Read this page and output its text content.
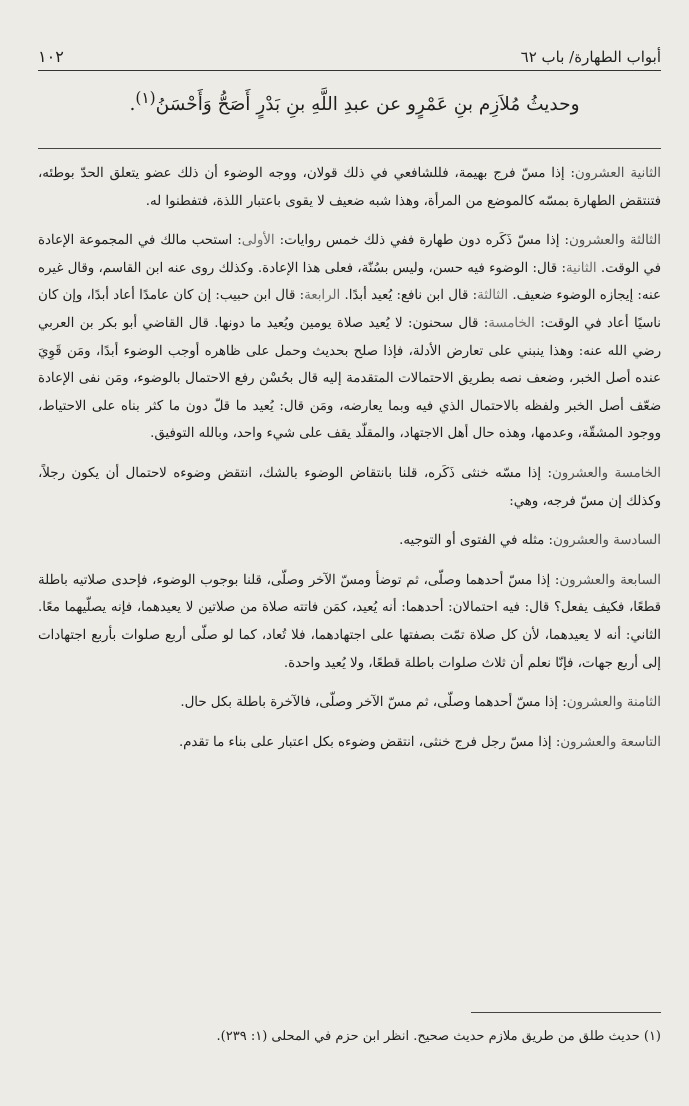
أبواب الطهارة/ باب ٦٢
١٠٢
وحديثُ مُلاَزِم بنِ عَمْرٍو عن عبدِ اللَّهِ بنِ بَدْرٍ أَصَحُّ وَأَحْسَنُ$^{(١)}$.

الثانية العشرون: إذا مسّ فرج بهيمة، فللشافعي في ذلك قولان، ووجه الوضوء أن ذلك عضو يتعلق الحدّ بوطئه، فتنتقض الطهارة بمسّه كالموضع من المرأة، وهذا شبه ضعيف لا يقوى باعتبار اللذة، فتفطنوا له.

الثالثة والعشرون: إذا مسّ ذَكَره دون طهارة ففي ذلك خمس روايات: الأولى: استحب مالك في المجموعة الإعادة في الوقت. الثانية: قال: الوضوء فيه حسن، وليس بسُنّة، فعلى هذا الإعادة. وكذلك روى عنه ابن القاسم، وقال غيره عنه: إيجازه الوضوء ضعيف. الثالثة: قال ابن نافع: يُعيد أبدًا. الرابعة: قال ابن حبيب: إن كان عامدًا أعاد أبدًا، وإن كان ناسيًا أعاد في الوقت: الخامسة: قال سحنون: لا يُعيد صلاة يومين ويُعيد ما دونها. قال القاضي أبو بكر بن العربي رضي الله عنه: وهذا ينبني على تعارض الأدلة، فإذا صلح بحديث وحمل على ظاهره أوجب الوضوء أبدًا، ومَن قَوِيَ عنده أصل الخبر، وضعف نصه بطريق الاحتمالات المتقدمة إليه قال بحُسْن رفع الاحتمال بالوضوء، ومَن نفى الإعادة ضعّف أصل الخبر ولفظه بالاحتمال الذي فيه وبما يعارضه، ومَن قال: يُعيد ما قلّ دون ما كثر بناه على الاحتياط، ووجود المشقّة، وعدمها، وهذه حال أهل الاجتهاد، والمقلّد يقف على شيء واحد، وبالله التوفيق.

الخامسة والعشرون: إذا مسّه خنثى ذَكَره، قلنا بانتقاض الوضوء بالشك، انتقض وضوءه لاحتمال أن يكون رجلاً، وكذلك إن مسّ فرجه، وهي:

السادسة والعشرون: مثله في الفتوى أو التوجيه.

السابعة والعشرون: إذا مسّ أحدهما وصلّى، ثم توضأ ومسّ الآخر وصلّى، قلنا بوجوب الوضوء، فإحدى صلاتيه باطلة قطعًا، فكيف يفعل؟ قال: فيه احتمالان: أحدهما: أنه يُعيد، كمَن فاتته صلاة من صلاتين لا يعيدهما، فإنه يصلّيهما معًا. الثاني: أنه لا يعيدهما، لأن كل صلاة تمّت بصفتها على اجتهادهما، فلا تُعاد، كما لو صلّى أربع صلوات بأربع اجتهادات إلى أربع جهات، فإنّا نعلم أن ثلاث صلوات باطلة قطعًا، ولا يُعيد واحدة.

الثامنة والعشرون: إذا مسّ أحدهما وصلّى، ثم مسّ الآخر وصلّى، فالآخرة باطلة بكل حال.

التاسعة والعشرون: إذا مسّ رجل فرج خنثى، انتقض وضوءه بكل اعتبار على بناء ما تقدم.

(١) حديث طلق من طريق ملازم حديث صحيح. انظر ابن حزم في المحلى (١: ٢٣٩).
